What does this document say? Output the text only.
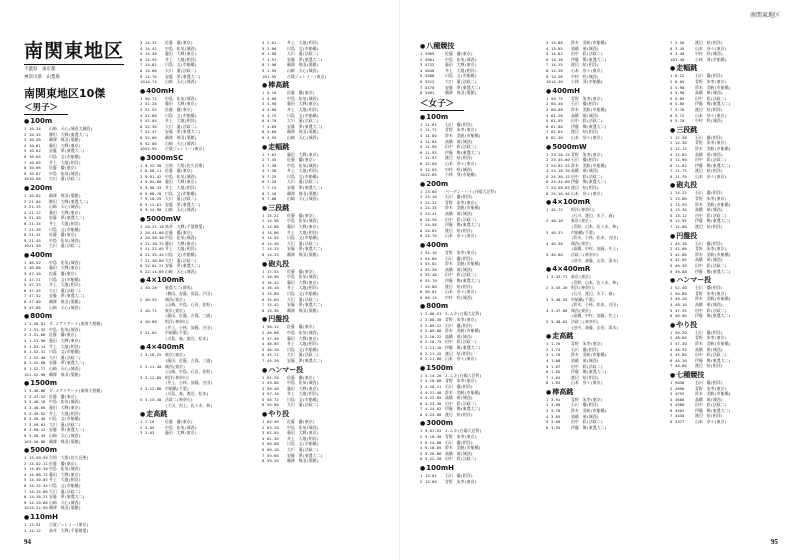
南関東地区
千葉県　東京都
神奈川県　山梨県
南関東地区10傑
＜男子＞
●100m
1 10.34 山崎　天心(城西大城西)
2 10.45 柳田　大輝(東農大二)
3 10.58 鵜澤　飛羽(築館)
4 10.61 藤田　大輝(東京)
5 10.62 安藤　夢(東農大二)
6 10.64 川島　文(市船橋)
7 10.65 井上　大地(相洋)
8 10.66 佐藤　優(東京)
9 10.67 中島　佑気(城西)
1010.68 大川　蓮(法政二)
●200m
1 20.82 鵜澤　飛羽(築館)
2 21.04 柳田　大輝(東農大二)
3 21.15 山崎　天心(城西)
4 21.22 藤田　大輝(東京)
5 21.30 安藤　夢(東農大二)
6 21.34 井上　大地(相洋)
7 21.38 川島　文(市船橋)
8 21.41 佐藤　優(東京)
9 21.45 中島　佑気(城西)
1021.50 大川　蓮(法政二)
●400m
1 46.52 中島　佑気(城西)
2 46.88 藤田　大輝(東京)
3 47.10 佐藤　優(東京)
4 47.21 川島　文(市船橋)
5 47.33 井上　大地(相洋)
6 47.45 大川　蓮(法政二)
7 47.52 安藤　夢(東農大二)
8 47.60 鵜澤　飛羽(築館)
9 47.66 山崎　天心(城西)
●800m
1 1.50.81 ダ.メアリアーナ(東海大相模)
2 1.51.32 中島　佑気(城西)
3 1.51.66 佐藤　優(東京)
4 1.51.90 藤田　大輝(東京)
5 1.52.14 井上　大地(相洋)
6 1.52.31 川島　文(市船橋)
7 1.52.48 大川　蓮(法政二)
8 1.52.60 安藤　夢(東農大二)
9 1.52.77 山崎　天心(城西)
101.52.90 鵜澤　飛羽(築館)
●1500m
1 3.46.86 ダ.メアリアーナ(東海大相模)
2 3.47.52 佐藤　優(東京)
3 3.48.10 中島　佑気(城西)
4 3.48.66 藤田　大輝(東京)
5 3.49.02 井上　大地(相洋)
6 3.49.40 川島　文(市船橋)
7 3.49.81 大川　蓮(法政二)
8 3.50.12 安藤　夢(東農大二)
9 3.50.45 山崎　天心(城西)
103.50.80 鵜澤　飛羽(築館)
●5000m
1 13.59.59吉岡　大翔(佐久長聖)
2 14.02.11佐藤　優(東京)
3 14.05.30中島　佑気(城西)
4 14.08.72藤田　大輝(東京)
5 14.10.05井上　大地(相洋)
6 14.12.44川島　文(市船橋)
7 14.15.80大川　蓮(法政二)
8 14.18.21安藤　夢(東農大二)
9 14.20.66山崎　天心(城西)
1014.22.90鵜澤　飛羽(築館)
●110mH
1 13.91 古賀ジェレミー(東京)
2 14.12 髙井　大輝(千葉敬愛)
3 14.35 佐藤　優(東京)
4 14.42 中島　佑気(城西)
5 14.48 藤田　大輝(東京)
6 14.55 井上　大地(相洋)
7 14.61 川島　文(市船橋)
8 14.66 大川　蓮(法政二)
9 14.70 安藤　夢(東農大二)
1014.74 山崎　天心(城西)
●400mH
1 50.72 中島　佑気(城西)
2 51.20 藤田　大輝(東京)
3 51.55 佐藤　優(東京)
4 51.88 川島　文(市船橋)
5 52.04 井上　大地(相洋)
6 52.30 大川　蓮(法政二)
7 52.47 安藤　夢(東農大二)
8 52.66 鵜澤　飛羽(築館)
9 52.80 山崎　天心(城西)
1052.95 古賀ジェレミー(東京)
●3000mSC
1 8.52.30 吉岡　大翔(佐久長聖)
2 8.58.11 佐藤　優(東京)
3 9.01.42 中島　佑気(城西)
4 9.04.80 藤田　大輝(東京)
5 9.06.33 井上　大地(相洋)
6 9.08.70 川島　文(市船橋)
7 9.10.25 大川　蓮(法政二)
8 9.12.61 安藤　夢(東農大二)
9 9.14.90 山崎　天心(城西)
●5000mW
1 20.25.18髙井　大輝(千葉敬愛)
2 20.41.66佐藤　優(東京)
3 20.58.30中島　佑気(城西)
4 21.10.72藤田　大輝(東京)
5 21.22.05井上　大地(相洋)
6 21.35.44川島　文(市船橋)
7 21.48.80大川　蓮(法政二)
8 22.01.21安藤　夢(東農大二)
9 22.14.66山崎　天心(城西)
●4×100mR
1 40.28 東農大二(群馬)
(柳田、安藤、高島、戸田)
2 40.55 城西(東京)
(山崎、中島、石田、佐野)
3 40.71 東京(東京)
(藤田、佐藤、古賀、三浦)
4 40.88 相洋(神奈川)
(井上、小林、加藤、吉田)
5 41.02 市船橋(千葉)
(川島、森、渡辺、松本)
●4×400mR
1 3.10.25 東京(東京)
(藤田、佐藤、古賀、三浦)
2 3.11.40 城西(東京)
(山崎、中島、石田、佐野)
3 3.12.05 相洋(神奈川)
(井上、小林、加藤、吉田)
4 3.12.88 市船橋(千葉)
(川島、森、渡辺、松本)
5 3.13.30 法政二(神奈川)
(大川、村上、佐々木、林)
●走高跳
1 2.10	佐藤　優(東京)
2 2.05	中島　佑気(城西)
3 2.03	藤田　大輝(東京)
4 2.01	井上　大地(相洋)
5 2.00	川島　文(市船橋)
6 1.98	大川　蓮(法政二)
7 1.97	安藤　夢(東農大二)
8 1.96	鵜澤　飛羽(築館)
9 1.95	山崎　天心(城西)
101.95	古賀ジェレミー(東京)
●棒高跳
1 5.10	佐藤　優(東京)
2 5.00	中島　佑気(城西)
3 4.90	藤田　大輝(東京)
4 4.80	井上　大地(相洋)
5 4.75	川島　文(市船橋)
6 4.70	大川　蓮(法政二)
7 4.65	安藤　夢(東農大二)
8 4.60	鵜澤　飛羽(築館)
9 4.55	山崎　天心(城西)
●走幅跳
1 7.62	藤田　大輝(東京)
2 7.45	佐藤　優(東京)
3 7.38	中島　佑気(城西)
4 7.30	井上　大地(相洋)
5 7.25	川島　文(市船橋)
6 7.20	大川　蓮(法政二)
7 7.15	安藤　夢(東農大二)
8 7.10	鵜澤　飛羽(築館)
9 7.08	山崎　天心(城西)
●三段跳
1 15.21 佐藤　優(東京)
2 14.98 中島　佑気(城西)
3 14.80 藤田　大輝(東京)
4 14.66 井上　大地(相洋)
5 14.55 川島　文(市船橋)
6 14.40 大川　蓮(法政二)
7 14.33 安藤　夢(東農大二)
8 14.25 鵜澤　飛羽(築館)
●砲丸投
1 17.55 佐藤　優(東京)
2 16.90 中島　佑気(城西)
3 16.42 藤田　大輝(東京)
4 16.10 井上　大地(相洋)
5 15.88 川島　文(市船橋)
6 15.60 大川　蓮(法政二)
7 15.42 安藤　夢(東農大二)
8 15.30 鵜澤　飛羽(築館)
●円盤投
1 50.12 佐藤　優(東京)
2 48.66 中島　佑気(城西)
3 47.30 藤田　大輝(東京)
4 46.85 井上　大地(相洋)
5 46.10 川島　文(市船橋)
6 45.72 大川　蓮(法政二)
7 45.20 安藤　夢(東農大二)
●ハンマー投
1 61.20 佐藤　優(東京)
2 59.88 中島　佑気(城西)
3 58.40 藤田　大輝(東京)
4 57.10 井上　大地(相洋)
5 56.72 川島　文(市船橋)
6 55.90 大川　蓮(法政二)
●やり投
1 65.40 佐藤　優(東京)
2 63.20 中島　佑気(城西)
3 62.05 藤田　大輝(東京)
4 61.30 井上　大地(相洋)
5 60.88 川島　文(市船橋)
6 60.10 大川　蓮(法政二)
7 59.66 安藤　夢(東農大二)
8 59.20 鵜澤　飛羽(築館)
94
南関東地区
●八種競技
1 5969	佐藤　優(東京)
2 5801	中島　佑気(城西)
3 5722	藤田　大輝(東京)
4 5640	井上　大地(相洋)
5 5588	川島　文(市船橋)
6 5512	大川　蓮(法政二)
7 5470	安藤　夢(東農大二)
8 5401	鵜澤　飛羽(築館)
＜女子＞
●100m
1 11.61 石川　優(相洋)
2 11.72 青野　朱李(東京)
3 11.80 鈴木　美帆(市船橋)
4 11.84 高橋　萌(城西)
5 11.90 田中　彩(法政二)
6 11.93 伊藤　舞(東農大二)
7 11.97 渡辺　結(相洋)
8 12.00 山本　奈々(東京)
9 12.03 中村　咲(城西)
1012.05 小林　葵(市船橋)
●200m
1 23.80 パーデン・ハイ(白鴎大足利)
2 24.10 石川　優(相洋)
3 24.22 青野　朱李(東京)
4 24.35 鈴木　美帆(市船橋)
5 24.41 高橋　萌(城西)
6 24.50 田中　彩(法政二)
7 24.58 伊藤　舞(東農大二)
8 24.62 渡辺　結(相洋)
9 24.70 山本　奈々(東京)
●400m
1 54.10 青野　朱李(東京)
2 54.66 石川　優(相洋)
3 55.02 鈴木　美帆(市船橋)
4 55.30 高橋　萌(城西)
5 55.48 田中　彩(法政二)
6 55.70 伊藤　舞(東農大二)
7 55.88 渡辺　結(相洋)
8 56.01 山本　奈々(東京)
9 56.15 中村　咲(城西)
●800m
1 2.06.51 J.ムネ(白鴎大足利)
2 2.08.30 青野　朱李(東京)
3 2.09.12 石川　優(相洋)
4 2.09.80 鈴木　美帆(市船橋)
5 2.10.22 高橋　萌(城西)
6 2.10.75 田中　彩(法政二)
7 2.11.10 伊藤　舞(東農大二)
8 2.11.42 渡辺　結(相洋)
9 2.11.80 山本　奈々(東京)
●1500m
1 4.14.20 J.ムネ(白鴎大足利)
2 4.18.66 青野　朱李(東京)
3 4.20.11 石川　優(相洋)
4 4.21.40 鈴木　美帆(市船橋)
5 4.22.85 高橋　萌(城西)
6 4.23.30 田中　彩(法政二)
7 4.24.02 伊藤　舞(東農大二)
8 4.24.60 渡辺　結(相洋)
●3000m
1 9.01.22 J.ムネ(白鴎大足利)
2 9.10.40 青野　朱李(東京)
3 9.14.88 石川　優(相洋)
4 9.18.05 鈴木　美帆(市船橋)
5 9.20.66 高橋　萌(城西)
6 9.22.30 田中　彩(法政二)
●100mH
1 13.61 石川　優(相洋)
2 13.80 青野　朱李(東京)
3 13.88 鈴木　美帆(市船橋)
4 13.95 高橋　萌(城西)
5 14.02 田中　彩(法政二)
6 14.10 伊藤　舞(東農大二)
7 14.15 渡辺　結(相洋)
8 14.20 山本　奈々(東京)
9 14.26 中村　咲(城西)
1014.30 小林　葵(市船橋)
●400mH
1 59.75 青野　朱李(東京)
2 60.40 石川　優(相洋)
3 60.88 鈴木　美帆(市船橋)
4 61.20 高橋　萌(城西)
5 61.55 田中　彩(法政二)
6 61.80 伊藤　舞(東農大二)
7 62.04 渡辺　結(相洋)
8 62.30 山本　奈々(東京)
●5000mW
1 23.20.15青野　朱李(東京)
2 23.45.80石川　優(相洋)
3 24.02.33鈴木　美帆(市船橋)
4 24.18.70高橋　萌(城西)
5 24.30.12田中　彩(法政二)
6 24.44.60伊藤　舞(東農大二)
7 24.58.05渡辺　結(相洋)
8 25.10.40山本　奈々(東京)
●4×100mR
1 45.72 相洋(神奈川)
(石川、渡辺、木下、森)
2 46.10 東京(東京)
(青野、山本、佐々木、林)
3 46.33 市船橋(千葉)
(鈴木、小林、松本、吉田)
4 46.58 城西(東京)
(高橋、中村、加藤、井上)
5 46.80 法政二(神奈川)
(田中、斎藤、山田、清水)
●4×400mR
1 3.43.71 東京(東京)
(青野、山本、佐々木、林)
2 3.45.20 相洋(神奈川)
(石川、渡辺、木下、森)
3 3.46.55 市船橋(千葉)
(鈴木、小林、松本、吉田)
4 3.47.80 城西(東京)
(高橋、中村、加藤、井上)
5 3.48.62 法政二(神奈川)
(田中、斎藤、山田、清水)
●走高跳
1 1.76	青野　朱李(東京)
2 1.73	石川　優(相洋)
3 1.70	鈴木　美帆(市船橋)
4 1.68	高橋　萌(城西)
5 1.67	田中　彩(法政二)
6 1.65	伊藤　舞(東農大二)
7 1.64	渡辺　結(相洋)
8 1.63	山本　奈々(東京)
●棒高跳
1 3.91	青野　朱李(東京)
2 3.80	石川　優(相洋)
3 3.70	鈴木　美帆(市船橋)
4 3.65	高橋　萌(城西)
5 3.60	田中　彩(法政二)
6 3.55	伊藤　舞(東農大二)
7 3.50	渡辺　結(相洋)
8 3.45	山本　奈々(東京)
9 3.40	中村　咲(城西)
103.40	小林　葵(市船橋)
●走幅跳
1 6.22	石川　優(相洋)
2 6.05	青野　朱李(東京)
3 5.98	鈴木　美帆(市船橋)
4 5.90	高橋　萌(城西)
5 5.85	田中　彩(法政二)
6 5.80	伊藤　舞(東農大二)
7 5.76	渡辺　結(相洋)
8 5.72	山本　奈々(東京)
9 5.70	中村　咲(城西)
●三段跳
1 12.58 石川　優(相洋)
2 12.30 青野　朱李(東京)
3 12.15 鈴木　美帆(市船橋)
4 12.02 高橋　萌(城西)
5 11.90 田中　彩(法政二)
6 11.82 伊藤　舞(東農大二)
7 11.75 渡辺　結(相洋)
8 11.70 山本　奈々(東京)
●砲丸投
1 14.22 石川　優(相洋)
2 13.80 青野　朱李(東京)
3 13.55 鈴木　美帆(市船橋)
4 13.30 高橋　萌(城西)
5 13.12 田中　彩(法政二)
6 12.95 伊藤　舞(東農大二)
7 12.80 渡辺　結(相洋)
●円盤投
1 44.10 石川　優(相洋)
2 42.66 青野　朱李(東京)
3 41.80 鈴木　美帆(市船橋)
4 41.05 高橋　萌(城西)
5 40.30 田中　彩(法政二)
6 39.88 伊藤　舞(東農大二)
●ハンマー投
1 52.40 石川　優(相洋)
2 50.88 青野　朱李(東京)
3 49.20 鈴木　美帆(市船橋)
4 48.10 高橋　萌(城西)
5 47.55 田中　彩(法政二)
6 46.90 伊藤　舞(東農大二)
●やり投
1 50.20 石川　優(相洋)
2 48.66 青野　朱李(東京)
3 47.30 鈴木　美帆(市船橋)
4 46.55 高橋　萌(城西)
5 45.80 田中　彩(法政二)
6 45.10 伊藤　舞(東農大二)
7 44.66 渡辺　結(相洋)
●七種競技
1 5038	石川　優(相洋)
2 4890	青野　朱李(東京)
3 4755	鈴木　美帆(市船橋)
4 4660	高橋　萌(城西)
5 4580	田中　彩(法政二)
6 4502	伊藤　舞(東農大二)
7 4430	渡辺　結(相洋)
8 4377	山本　奈々(東京)
95
